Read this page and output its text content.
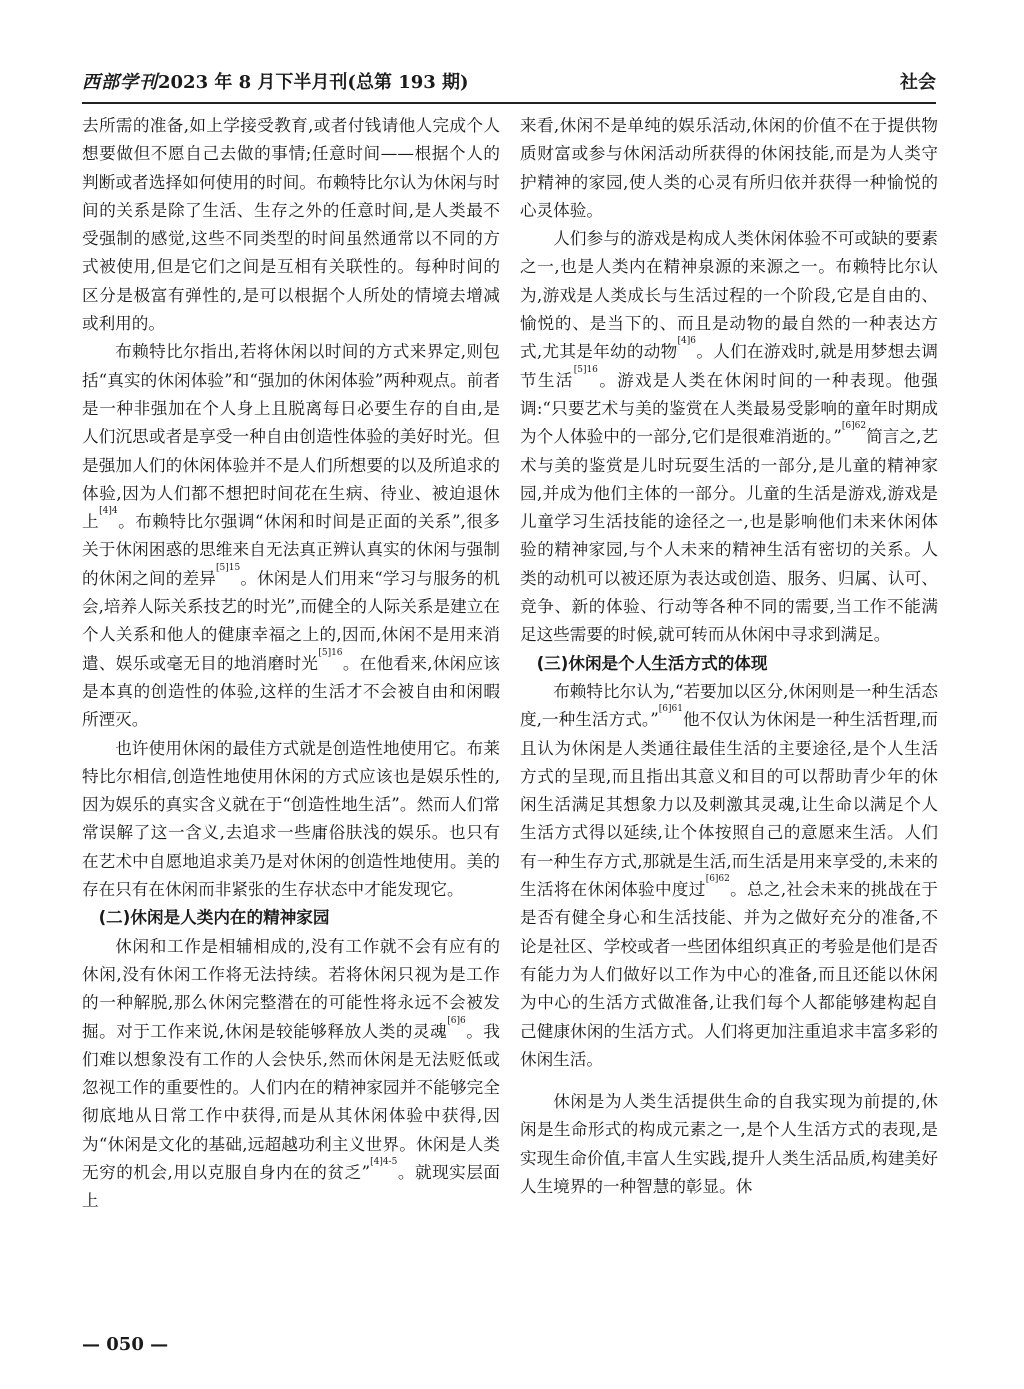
西部学刊2023 年 8 月下半月刊(总第 193 期)	社会

去所需的准备,如上学接受教育,或者付钱请他人完成个人想要做但不愿自己去做的事情;任意时间——根据个人的判断或者选择如何使用的时间。布赖特比尔认为休闲与时间的关系是除了生活、生存之外的任意时间,是人类最不受强制的感觉,这些不同类型的时间虽然通常以不同的方式被使用,但是它们之间是互相有关联性的。每种时间的区分是极富有弹性的,是可以根据个人所处的情境去增减或利用的。

布赖特比尔指出,若将休闲以时间的方式来界定,则包括“真实的休闲体验”和“强加的休闲体验”两种观点。前者是一种非强加在个人身上且脱离每日必要生存的自由,是人们沉思或者是享受一种自由创造性体验的美好时光。但是强加人们的休闲体验并不是人们所想要的以及所追求的体验,因为人们都不想把时间花在生病、待业、被迫退休上$^{[4]4}$。布赖特比尔强调“休闲和时间是正面的关系”,很多关于休闲困惑的思维来自无法真正辨认真实的休闲与强制的休闲之间的差异$^{[5]15}$。休闲是人们用来“学习与服务的机会,培养人际关系技艺的时光”,而健全的人际关系是建立在个人关系和他人的健康幸福之上的,因而,休闲不是用来消遣、娱乐或毫无目的地消磨时光$^{[5]16}$。在他看来,休闲应该是本真的创造性的体验,这样的生活才不会被自由和闲暇所湮灭。

也许使用休闲的最佳方式就是创造性地使用它。布莱特比尔相信,创造性地使用休闲的方式应该也是娱乐性的,因为娱乐的真实含义就在于“创造性地生活”。然而人们常常误解了这一含义,去追求一些庸俗肤浅的娱乐。也只有在艺术中自愿地追求美乃是对休闲的创造性地使用。美的存在只有在休闲而非紧张的生存状态中才能发现它。

(二)休闲是人类内在的精神家园

休闲和工作是相辅相成的,没有工作就不会有应有的休闲,没有休闲工作将无法持续。若将休闲只视为是工作的一种解脱,那么休闲完整潜在的可能性将永远不会被发掘。对于工作来说,休闲是较能够释放人类的灵魂$^{[6]6}$。我们难以想象没有工作的人会快乐,然而休闲是无法贬低或忽视工作的重要性的。人们内在的精神家园并不能够完全彻底地从日常工作中获得,而是从其休闲体验中获得,因为“休闲是文化的基础,远超越功利主义世界。休闲是人类无穷的机会,用以克服自身内在的贫乏”$^{[4]4-5}$。就现实层面上

来看,休闲不是单纯的娱乐活动,休闲的价值不在于提供物质财富或参与休闲活动所获得的休闲技能,而是为人类守护精神的家园,使人类的心灵有所归依并获得一种愉悦的心灵体验。

人们参与的游戏是构成人类休闲体验不可或缺的要素之一,也是人类内在精神泉源的来源之一。布赖特比尔认为,游戏是人类成长与生活过程的一个阶段,它是自由的、愉悦的、是当下的、而且是动物的最自然的一种表达方式,尤其是年幼的动物$^{[4]6}$。人们在游戏时,就是用梦想去调节生活$^{[5]16}$。游戏是人类在休闲时间的一种表现。他强调:“只要艺术与美的鉴赏在人类最易受影响的童年时期成为个人体验中的一部分,它们是很难消逝的。”$^{[6]62}$简言之,艺术与美的鉴赏是儿时玩耍生活的一部分,是儿童的精神家园,并成为他们主体的一部分。儿童的生活是游戏,游戏是儿童学习生活技能的途径之一,也是影响他们未来休闲体验的精神家园,与个人未来的精神生活有密切的关系。人类的动机可以被还原为表达或创造、服务、归属、认可、竞争、新的体验、行动等各种不同的需要,当工作不能满足这些需要的时候,就可转而从休闲中寻求到满足。

(三)休闲是个人生活方式的体现

布赖特比尔认为,“若要加以区分,休闲则是一种生活态度,一种生活方式。”$^{[6]61}$他不仅认为休闲是一种生活哲理,而且认为休闲是人类通往最佳生活的主要途径,是个人生活方式的呈现,而且指出其意义和目的可以帮助青少年的休闲生活满足其想象力以及刺激其灵魂,让生命以满足个人生活方式得以延续,让个体按照自己的意愿来生活。人们有一种生存方式,那就是生活,而生活是用来享受的,未来的生活将在休闲体验中度过$^{[6]62}$。总之,社会未来的挑战在于是否有健全身心和生活技能、并为之做好充分的准备,不论是社区、学校或者一些团体组织真正的考验是他们是否有能力为人们做好以工作为中心的准备,而且还能以休闲为中心的生活方式做准备,让我们每个人都能够建构起自己健康休闲的生活方式。人们将更加注重追求丰富多彩的休闲生活。

休闲是为人类生活提供生命的自我实现为前提的,休闲是生命形式的构成元素之一,是个人生活方式的表现,是实现生命价值,丰富人生实践,提升人类生活品质,构建美好人生境界的一种智慧的彰显。休

— 050 —
